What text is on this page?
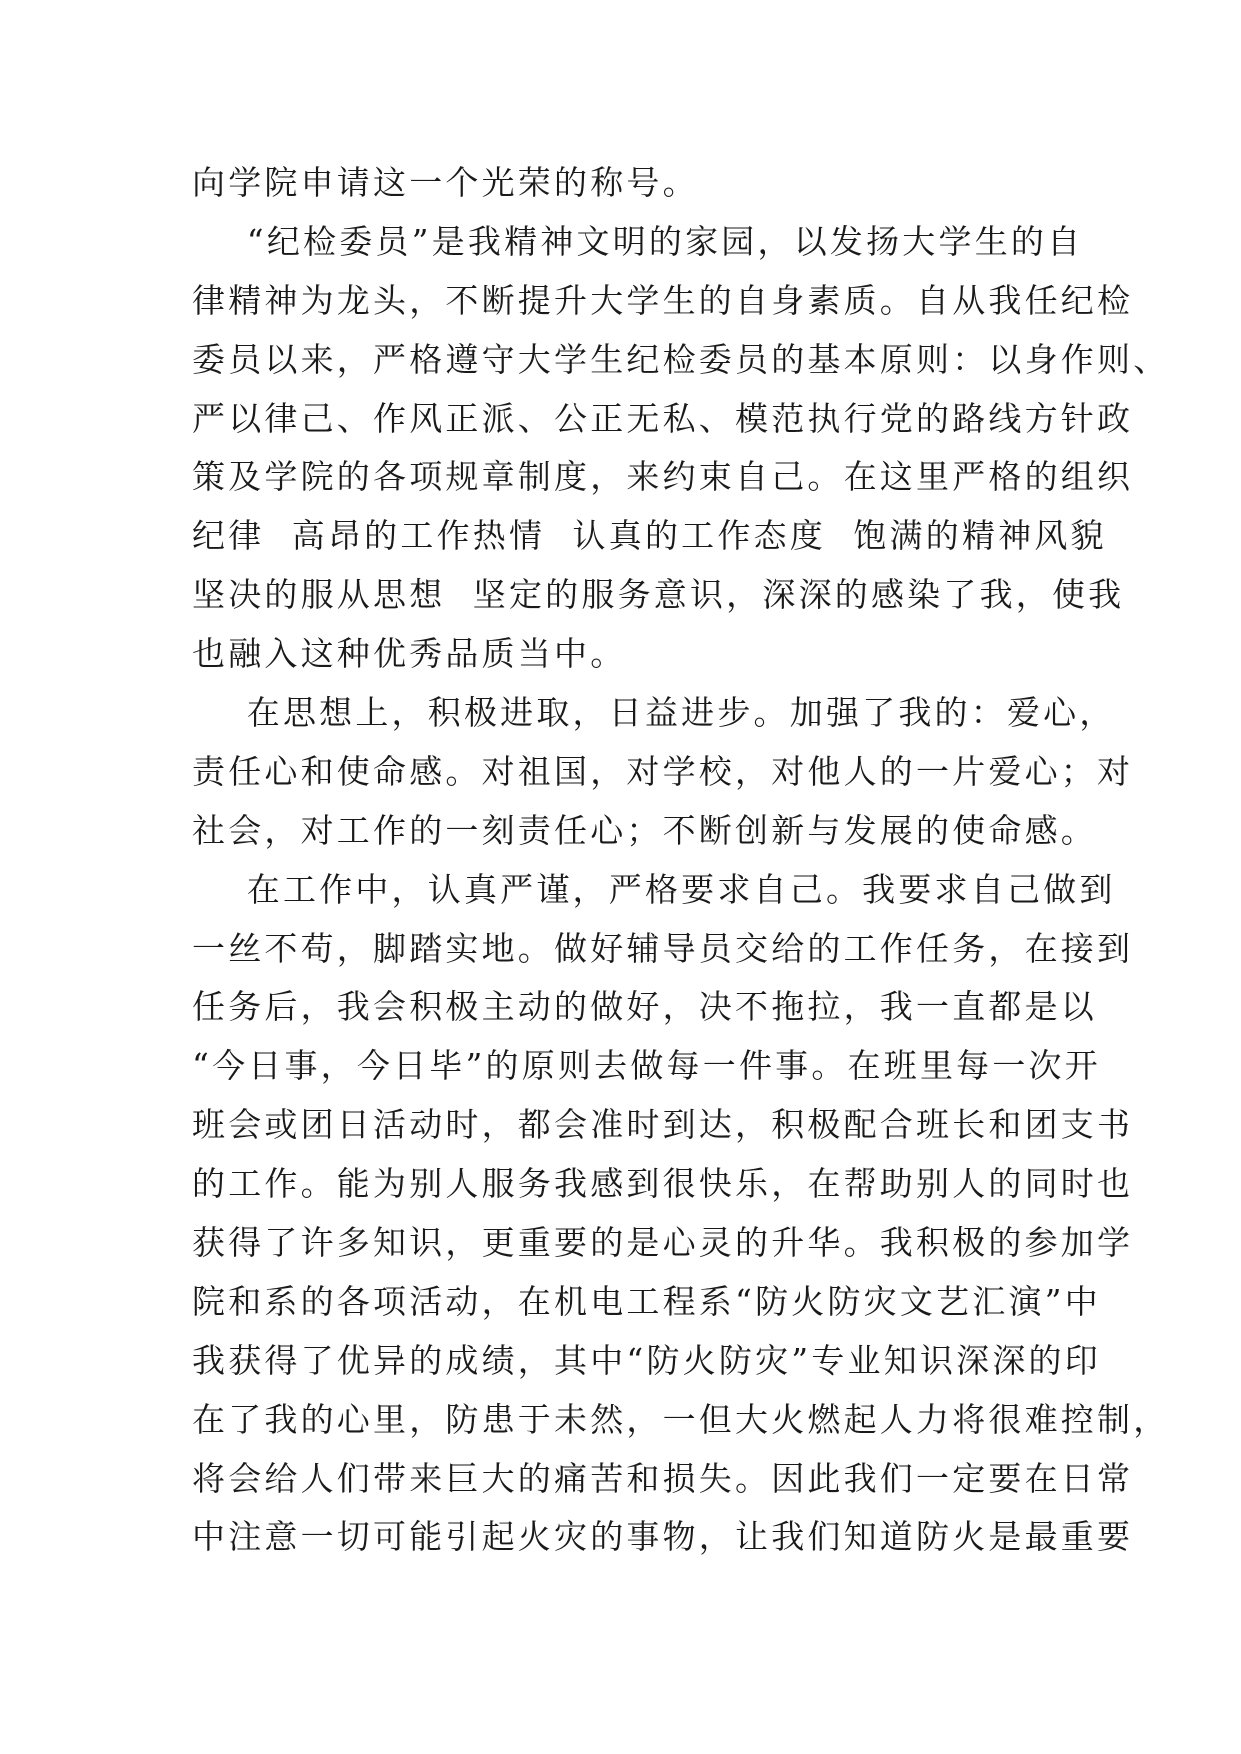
向学院申请这一个光荣的称号。
“纪检委员”是我精神文明的家园，以发扬大学生的自
律精神为龙头，不断提升大学生的自身素质。自从我任纪检
委员以来，严格遵守大学生纪检委员的基本原则：以身作则、
严以律己、作风正派、公正无私、模范执行党的路线方针政
策及学院的各项规章制度，来约束自己。在这里严格的组织
纪律  高昂的工作热情  认真的工作态度  饱满的精神风貌
坚决的服从思想  坚定的服务意识，深深的感染了我，使我
也融入这种优秀品质当中。
在思想上，积极进取，日益进步。加强了我的：爱心，
责任心和使命感。对祖国，对学校，对他人的一片爱心；对
社会，对工作的一刻责任心；不断创新与发展的使命感。
在工作中，认真严谨，严格要求自己。我要求自己做到
一丝不苟，脚踏实地。做好辅导员交给的工作任务，在接到
任务后，我会积极主动的做好，决不拖拉，我一直都是以
“今日事，今日毕”的原则去做每一件事。在班里每一次开
班会或团日活动时，都会准时到达，积极配合班长和团支书
的工作。能为别人服务我感到很快乐，在帮助别人的同时也
获得了许多知识，更重要的是心灵的升华。我积极的参加学
院和系的各项活动，在机电工程系“防火防灾文艺汇演”中
我获得了优异的成绩，其中“防火防灾”专业知识深深的印
在了我的心里，防患于未然，一但大火燃起人力将很难控制，
将会给人们带来巨大的痛苦和损失。因此我们一定要在日常
中注意一切可能引起火灾的事物，让我们知道防火是最重要
